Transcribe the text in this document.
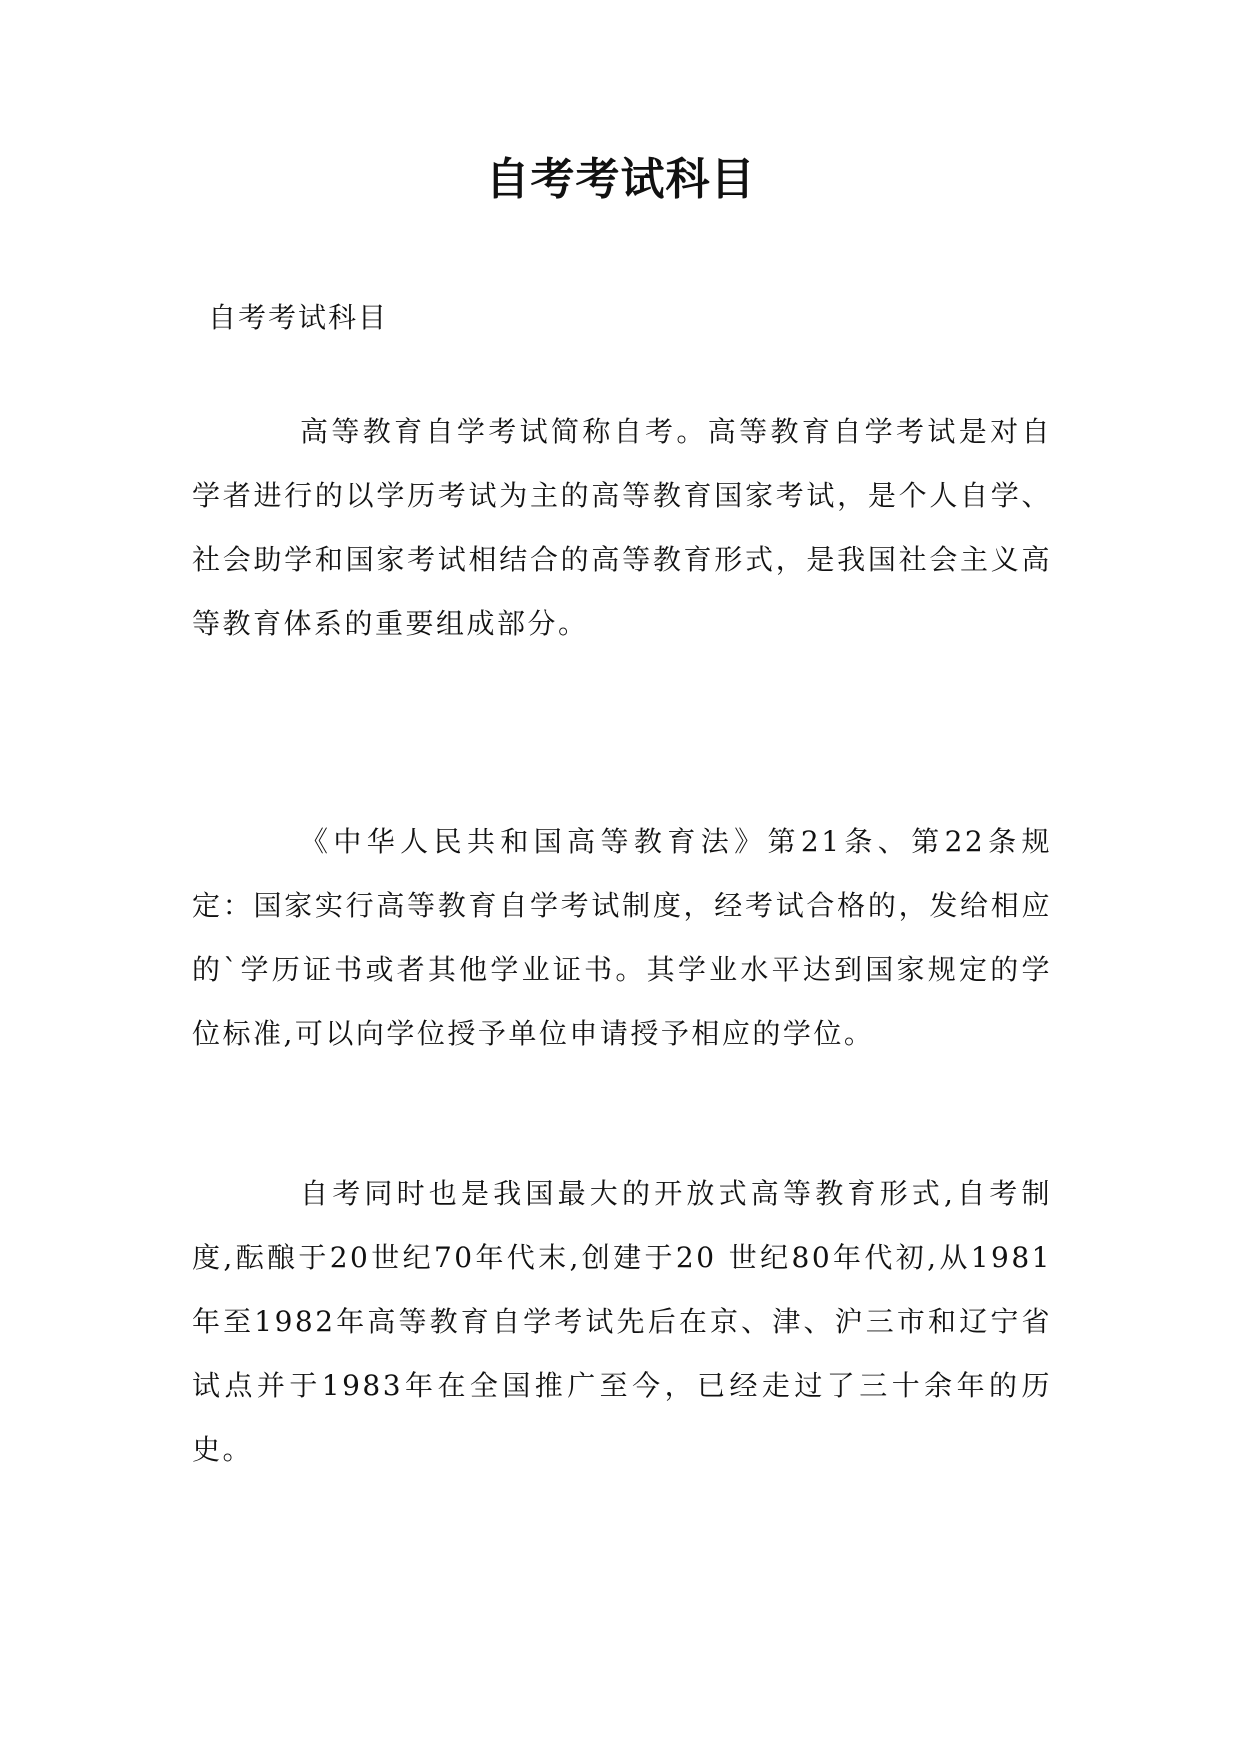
自考考试科目
自考考试科目

高等教育自学考试简称自考。高等教育自学考试是对自学者进行的以学历考试为主的高等教育国家考试，是个人自学、社会助学和国家考试相结合的高等教育形式，是我国社会主义高等教育体系的重要组成部分。

《中华人民共和国高等教育法》第21条、第22条规定：国家实行高等教育自学考试制度，经考试合格的，发给相应的`学历证书或者其他学业证书。其学业水平达到国家规定的学位标准,可以向学位授予单位申请授予相应的学位。

自考同时也是我国最大的开放式高等教育形式,自考制度,酝酿于20世纪70年代末,创建于20 世纪80年代初,从1981年至1982年高等教育自学考试先后在京、津、沪三市和辽宁省试点并于1983年在全国推广至今，已经走过了三十余年的历史。
